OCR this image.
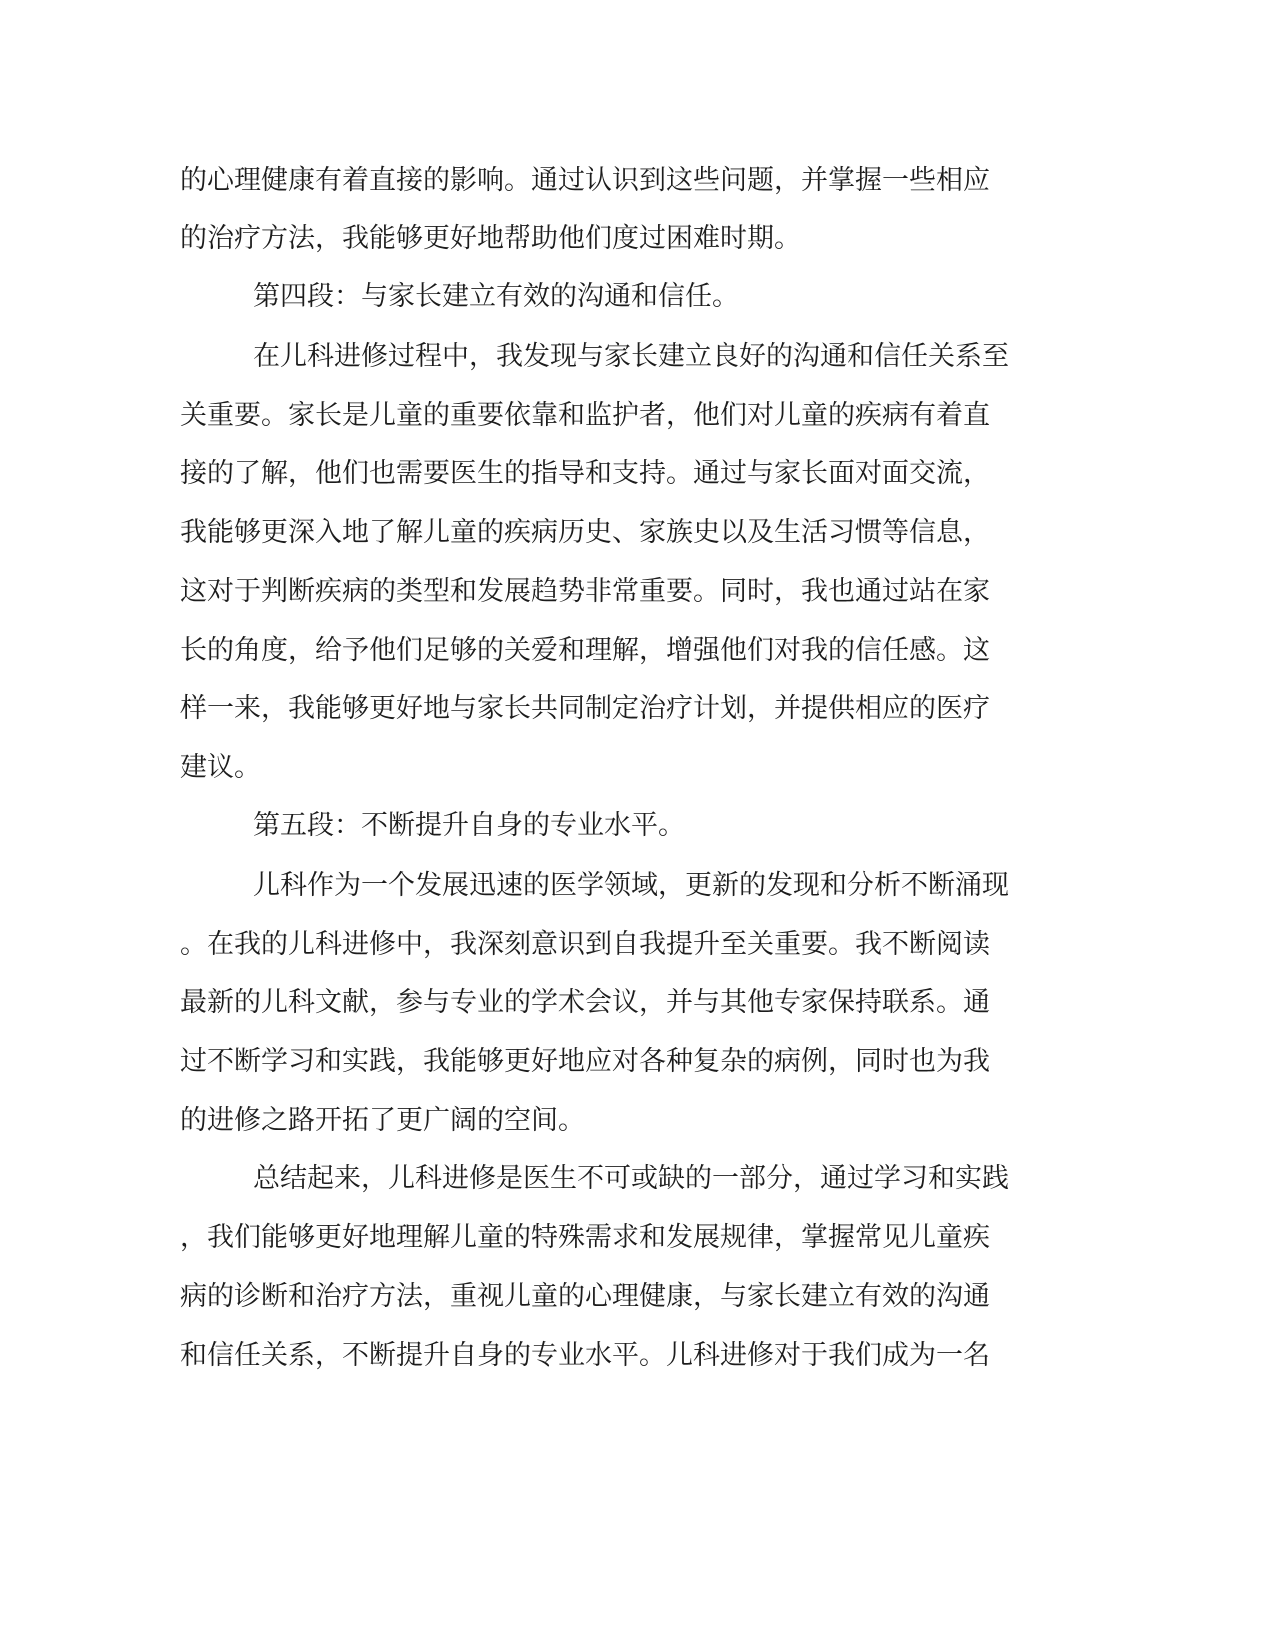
的心理健康有着直接的影响。通过认识到这些问题，并掌握一些相应
的治疗方法，我能够更好地帮助他们度过困难时期。
第四段：与家长建立有效的沟通和信任。
在儿科进修过程中，我发现与家长建立良好的沟通和信任关系至
关重要。家长是儿童的重要依靠和监护者，他们对儿童的疾病有着直
接的了解，他们也需要医生的指导和支持。通过与家长面对面交流，
我能够更深入地了解儿童的疾病历史、家族史以及生活习惯等信息，
这对于判断疾病的类型和发展趋势非常重要。同时，我也通过站在家
长的角度，给予他们足够的关爱和理解，增强他们对我的信任感。这
样一来，我能够更好地与家长共同制定治疗计划，并提供相应的医疗
建议。
第五段：不断提升自身的专业水平。
儿科作为一个发展迅速的医学领域，更新的发现和分析不断涌现
。在我的儿科进修中，我深刻意识到自我提升至关重要。我不断阅读
最新的儿科文献，参与专业的学术会议，并与其他专家保持联系。通
过不断学习和实践，我能够更好地应对各种复杂的病例，同时也为我
的进修之路开拓了更广阔的空间。
总结起来，儿科进修是医生不可或缺的一部分，通过学习和实践
，我们能够更好地理解儿童的特殊需求和发展规律，掌握常见儿童疾
病的诊断和治疗方法，重视儿童的心理健康，与家长建立有效的沟通
和信任关系，不断提升自身的专业水平。儿科进修对于我们成为一名
